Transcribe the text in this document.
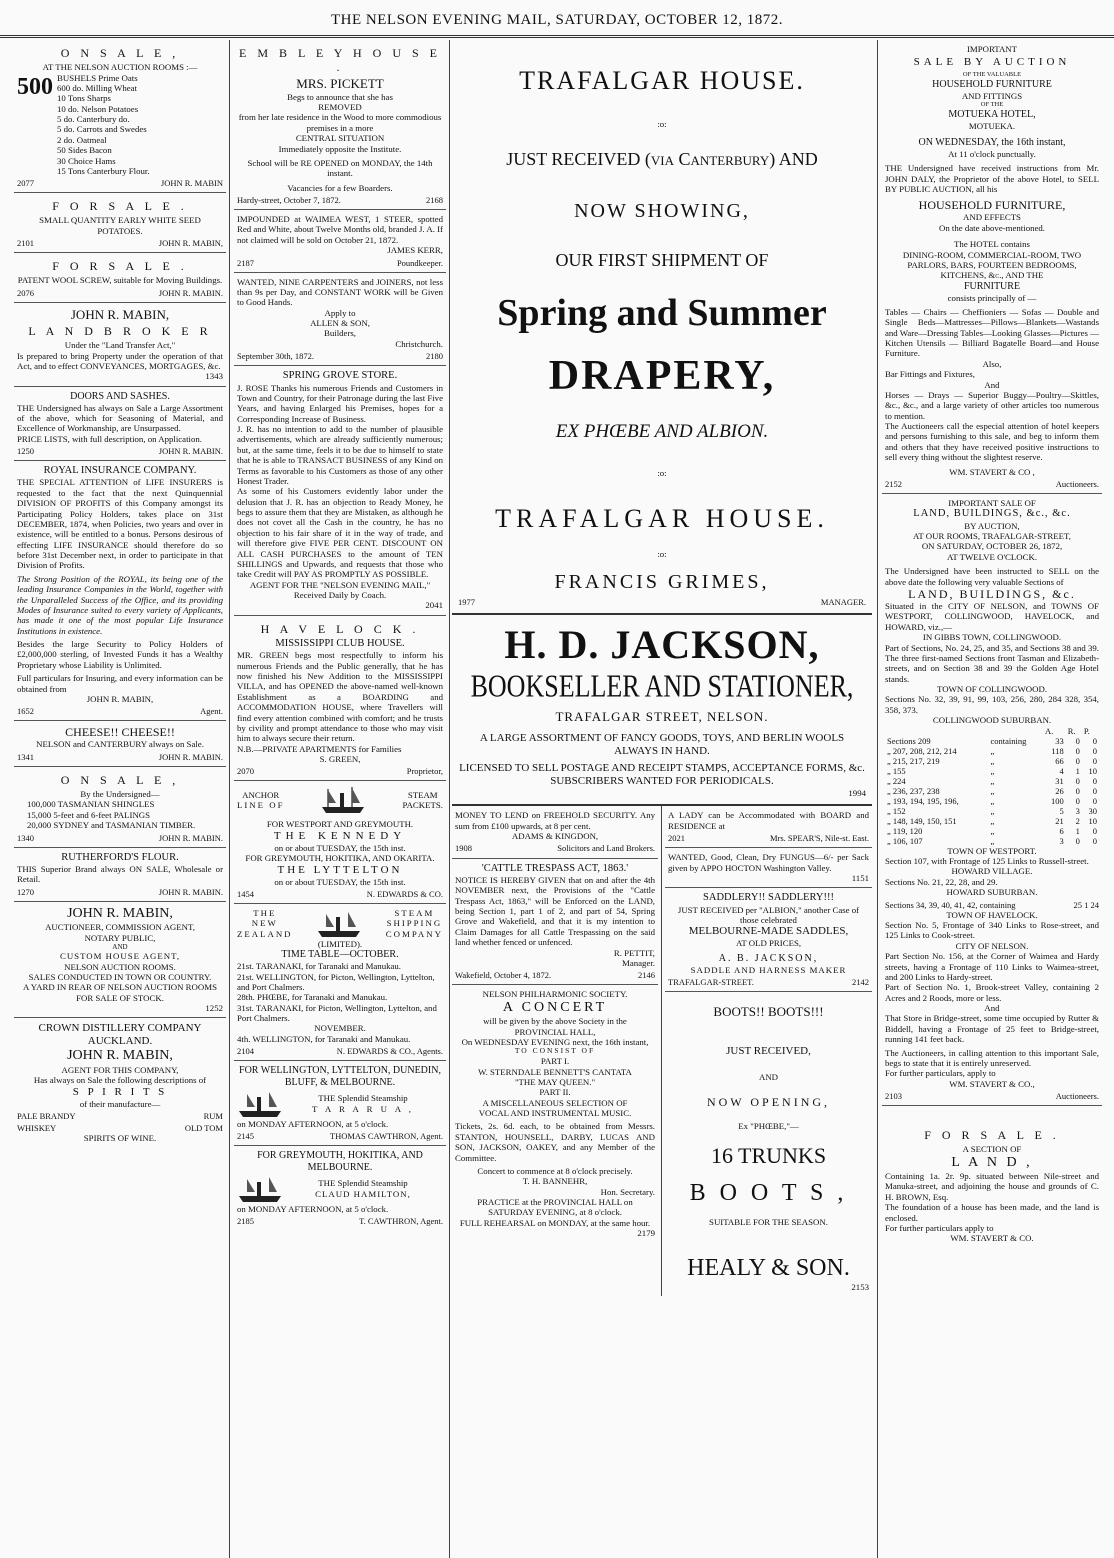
THE NELSON EVENING MAIL, SATURDAY, OCTOBER 12, 1872.
O N S A L E ,
AT THE NELSON AUCTION ROOMS :—
500 BUSHELS Prime Oats
600 do. Milling Wheat
10 Tons Sharps
10 do. Nelson Potatoes
5 do. Canterbury do.
5 do. Carrots and Swedes
2 do. Oatmeal
50 Sides Bacon
30 Choice Hams
15 Tons Canterbury Flour.
2077	JOHN R. MABIN
F O R S A L E .
SMALL QUANTITY EARLY WHITE SEED POTATOES.
2101	JOHN R. MABIN,
F O R S A L E .
PATENT WOOL SCREW, suitable for Moving Buildings.
2076	JOHN R. MABIN.
JOHN R. MABIN,
L A N D B R O K E R
Under the "Land Transfer Act,"
Is prepared to bring Property under the operation of that Act, and to effect CONVEYANCES, MORTGAGES, &c.
1343
DOORS AND SASHES.
THE Undersigned has always on Sale a Large Assortment of the above, which for Seasoning of Material, and Excellence of Workmanship, are Unsurpassed.
PRICE LISTS, with full description, on Application.
1250	JOHN R. MABIN.
ROYAL INSURANCE COMPANY.
THE SPECIAL ATTENTION of LIFE INSURERS is requested to the fact that the next Quinquennial DIVISION OF PROFITS of this Company amongst its Participating Policy Holders, takes place on 31st DECEMBER, 1874, when Policies, two years and over in existence, will be entitled to a bonus. Persons desirous of effecting LIFE INSURANCE should therefore do so before 31st December next, in order to participate in that Division of Profits.
The Strong Position of the ROYAL, its being one of the leading Insurance Companies in the World, together with the Unparalleled Success of the Office, and its providing Modes of Insurance suited to every variety of Applicants, has made it one of the most popular Life Insurance Institutions in existence.
Besides the large Security to Policy Holders of £2,000,000 sterling, of Invested Funds it has a Wealthy Proprietary whose Liability is Unlimited.
Full particulars for Insuring, and every information can be obtained from
JOHN R. MABIN,
1652	Agent.
CHEESE!! CHEESE!!
NELSON and CANTERBURY always on Sale.
1341	JOHN R. MABIN.
O N S A L E ,
By the Undersigned—
100,000 TASMANIAN SHINGLES
15,000 5-feet and 6-feet PALINGS
20,000 SYDNEY and TASMANIAN TIMBER.
1340	JOHN R. MABIN.
RUTHERFORD'S FLOUR.
THIS Superior Brand always ON SALE, Wholesale or Retail.
1270	JOHN R. MABIN.
JOHN R. MABIN,
AUCTIONEER, COMMISSION AGENT,
NOTARY PUBLIC,
AND
CUSTOM HOUSE AGENT,
NELSON AUCTION ROOMS.
SALES CONDUCTED IN TOWN OR COUNTRY.
A YARD IN REAR OF NELSON AUCTION ROOMS FOR SALE OF STOCK.
1252
CROWN DISTILLERY COMPANY
AUCKLAND.
JOHN R. MABIN,
AGENT FOR THIS COMPANY,
Has always on Sale the following descriptions of
S P I R I T S
of their manufacture—
PALE BRANDY	RUM
WHISKEY	OLD TOM
SPIRITS OF WINE.
E M B L E Y H O U S E .
MRS. PICKETT
Begs to announce that she has
REMOVED
from her late residence in the Wood to more commodious premises in a more
CENTRAL SITUATION
Immediately opposite the Institute.
School will be RE OPENED on MONDAY, the 14th instant.
Vacancies for a few Boarders.
Hardy-street, October 7, 1872.	2168
IMPOUNDED at WAIMEA WEST, 1 STEER, spotted Red and White, about Twelve Months old, branded J. A. If not claimed will be sold on October 21, 1872.
JAMES KERR,
2187	Poundkeeper.
WANTED, NINE CARPENTERS and JOINERS, not less than 9s per Day, and CONSTANT WORK will be Given to Good Hands.
Apply to
ALLEN & SON,
Builders,
Christchurch.
September 30th, 1872.	2180
SPRING GROVE STORE.
J. ROSE Thanks his numerous Friends and Customers in Town and Country, for their Patronage during the last Five Years, and having Enlarged his Premises, hopes for a Corresponding Increase of Business.
J. R. has no intention to add to the number of plausible advertisements, which are already sufficiently numerous; but, at the same time, feels it to be due to himself to state that he is able to TRANSACT BUSINESS of any Kind on Terms as favorable to his Customers as those of any other Honest Trader.
As some of his Customers evidently labor under the delusion that J. R. has an objection to Ready Money, he begs to assure them that they are Mistaken, as although he does not covet all the Cash in the country, he has no objection to his fair share of it in the way of trade, and will therefore give FIVE PER CENT. DISCOUNT ON ALL CASH PURCHASES to the amount of TEN SHILLINGS and Upwards, and requests that those who take Credit will PAY AS PROMPTLY AS POSSIBLE.
AGENT FOR THE "NELSON EVENING MAIL," Received Daily by Coach.
2041
H A V E L O C K .
MISSISSIPPI CLUB HOUSE.
MR. GREEN begs most respectfully to inform his numerous Friends and the Public generally, that he has now finished his New Addition to the MISSISSIPPI VILLA, and has OPENED the above-named well-known Establishment as a BOARDING and ACCOMMODATION HOUSE, where Travellers will find every attention combined with comfort; and he trusts by civility and prompt attendance to those who may visit him to always secure their return.
N.B.—PRIVATE APARTMENTS for Families
S. GREEN,
2070	Proprietor,
ANCHOR
LINE OF
STEAM
PACKETS.
FOR WESTPORT AND GREYMOUTH.
THE KENNEDY
on or about TUESDAY, the 15th inst.
FOR GREYMOUTH, HOKITIKA, AND OKARITA.
THE LYTTELTON
on or about TUESDAY, the 15th inst.
1454	N. EDWARDS & CO.
THE
NEW
ZEALAND
STEAM
SHIPPING
COMPANY
(LIMITED).
TIME TABLE—OCTOBER.
21st. TARANAKI, for Taranaki and Manukau.
21st. WELLINGTON, for Picton, Wellington, Lyttelton, and Port Chalmers.
28th. PHŒBE, for Taranaki and Manukau.
31st. TARANAKI, for Picton, Wellington, Lyttelton, and Port Chalmers.
NOVEMBER.
4th. WELLINGTON, for Taranaki and Manukau.
2104	N. EDWARDS & CO., Agents.
FOR WELLINGTON, LYTTELTON, DUNEDIN, BLUFF, & MELBOURNE.
THE Splendid Steamship
T A R A R U A ,
on MONDAY AFTERNOON, at 5 o'clock.
2145	THOMAS CAWTHRON, Agent.
FOR GREYMOUTH, HOKITIKA, AND MELBOURNE.
THE Splendid Steamship
CLAUD HAMILTON,
on MONDAY AFTERNOON, at 5 o'clock.
2185	T. CAWTHRON, Agent.
TRAFALGAR HOUSE.
:o:
JUST RECEIVED (via Canterbury) AND
NOW SHOWING,
OUR FIRST SHIPMENT OF
Spring and Summer
DRAPERY,
EX PHŒBE AND ALBION.
:o:
TRAFALGAR HOUSE.
:o:
FRANCIS GRIMES,
1977	MANAGER.
H. D. JACKSON,
BOOKSELLER AND STATIONER,
TRAFALGAR STREET, NELSON.
A LARGE ASSORTMENT OF FANCY GOODS, TOYS, AND BERLIN WOOLS ALWAYS IN HAND.
LICENSED TO SELL POSTAGE AND RECEIPT STAMPS, ACCEPTANCE FORMS, &c. SUBSCRIBERS WANTED FOR PERIODICALS.
1994
MONEY TO LEND on FREEHOLD SECURITY. Any sum from £100 upwards, at 8 per cent.
ADAMS & KINGDON,
1908	Solicitors and Land Brokers.
'CATTLE TRESPASS ACT, 1863.'
NOTICE IS HEREBY GIVEN that on and after the 4th NOVEMBER next, the Provisions of the "Cattle Trespass Act, 1863," will be Enforced on the LAND, being Section 1, part 1 of 2, and part of 54, Spring Grove and Wakefield, and that it is my intention to Claim Damages for all Cattle Trespassing on the said land whether fenced or unfenced.
R. PETTIT,
Manager.
Wakefield, October 4, 1872.	2146
NELSON PHILHARMONIC SOCIETY.
A CONCERT
will be given by the above Society in the
PROVINCIAL HALL,
On WEDNESDAY EVENING next, the 16th instant,
TO CONSIST OF
PART I.
W. STERNDALE BENNETT'S CANTATA
"THE MAY QUEEN."
PART II.
A MISCELLANEOUS SELECTION OF
VOCAL AND INSTRUMENTAL MUSIC.
Tickets, 2s. 6d. each, to be obtained from Messrs. STANTON, HOUNSELL, DARBY, LUCAS AND SON, JACKSON, OAKEY, and any Member of the Committee.
Concert to commence at 8 o'clock precisely.
T. H. BANNEHR,
Hon. Secretary.
PRACTICE at the PROVINCIAL HALL on SATURDAY EVENING, at 8 o'clock.
FULL REHEARSAL on MONDAY, at the same hour.
2179
A LADY can be Accommodated with BOARD and RESIDENCE at
2021	Mrs. SPEAR'S, Nile-st. East.
WANTED, Good, Clean, Dry FUNGUS—6/- per Sack given by APPO HOCTON Washington Valley.
1151
SADDLERY!! SADDLERY!!!
JUST RECEIVED per "ALBION," another Case of those celebrated
MELBOURNE-MADE SADDLES,
AT OLD PRICES,
A. B. JACKSON,
SADDLE AND HARNESS MAKER
TRAFALGAR-STREET.	2142
BOOTS!! BOOTS!!!
JUST RECEIVED,
AND
NOW OPENING,
Ex "PHŒBE,"—
16 TRUNKS
B O O T S ,
SUITABLE FOR THE SEASON.
HEALY & SON.
2153
IMPORTANT
SALE BY AUCTION
OF THE VALUABLE
HOUSEHOLD FURNITURE
AND FITTINGS
OF THE
MOTUEKA HOTEL,
MOTUEKA.
ON WEDNESDAY, the 16th instant,
At 11 o'clock punctually.
THE Undersigned have received instructions from Mr. JOHN DALY, the Proprietor of the above Hotel, to SELL BY PUBLIC AUCTION, all his
HOUSEHOLD FURNITURE,
AND EFFECTS
On the date above-mentioned.
The HOTEL contains
DINING-ROOM, COMMERCIAL-ROOM, TWO PARLORS, BARS, FOURTEEN BEDROOMS, KITCHENS, &c., AND THE
FURNITURE
consists principally of —
Tables — Chairs — Cheffioniers — Sofas — Double and Single Beds—Mattresses—Pillows—Blankets—Wastands and Ware—Dressing Tables—Looking Glasses—Pictures — Kitchen Utensils — Billiard Bagatelle Board—and House Furniture.
Also,
Bar Fittings and Fixtures,
And
Horses — Drays — Superior Buggy—Poultry—Skittles, &c., &c., and a large variety of other articles too numerous to mention.
The Auctioneers call the especial attention of hotel keepers and persons furnishing to this sale, and beg to inform them and others that they have received positive instructions to sell every thing without the slightest reserve.
WM. STAVERT & CO ,
2152	Auctioneers.
IMPORTANT SALE OF
LAND, BUILDINGS, &c., &c.
BY AUCTION,
AT OUR ROOMS, TRAFALGAR-STREET,
ON SATURDAY, OCTOBER 26, 1872,
AT TWELVE O'CLOCK.
The Undersigned have been instructed to SELL on the above date the following very valuable Sections of
LAND, BUILDINGS, &c.
Situated in the CITY OF NELSON, and TOWNS OF WESTPORT, COLLINGWOOD, HAVELOCK, and HOWARD, viz.,—
IN GIBBS TOWN, COLLINGWOOD.
Part of Sections, No. 24, 25, and 35, and Sections 38 and 39. The three first-named Sections front Tasman and Elizabeth-streets, and on Section 38 and 39 the Golden Age Hotel stands.
TOWN OF COLLINGWOOD.
Sections No. 32, 39, 91, 99, 103, 256, 280, 284 328, 354, 358, 373.
COLLINGWOOD SUBURBAN.
		A.	R.	P.
Sections 209	containing	33	0	0
„ 207, 208, 212, 214	„	118	0	0
„ 215, 217, 219	„	66	0	0
„ 155	„	4	1	10
„ 224	„	31	0	0
„ 236, 237, 238	„	26	0	0
„ 193, 194, 195, 196,	„	100	0	0
„ 152	„	5	3	30
„ 148, 149, 150, 151	„	21	2	10
„ 119, 120	„	6	1	0
„ 106, 107	„	3	0	0
TOWN OF WESTPORT.
Section 107, with Frontage of 125 Links to Russell-street.
HOWARD VILLAGE.
Sections No. 21, 22, 28, and 29.
HOWARD SUBURBAN.
Sections 34, 39, 40, 41, 42, containing	25 1 24
TOWN OF HAVELOCK.
Section No. 5, Frontage of 340 Links to Rose-street, and 125 Links to Cook-street.
CITY OF NELSON.
Part Section No. 156, at the Corner of Waimea and Hardy streets, having a Frontage of 110 Links to Waimea-street, and 200 Links to Hardy-street.
Part of Section No. 1, Brook-street Valley, containing 2 Acres and 2 Roods, more or less.
And
That Store in Bridge-street, some time occupied by Rutter & Biddell, having a Frontage of 25 feet to Bridge-street, running 141 feet back.
The Auctioneers, in calling attention to this important Sale, begs to state that it is entirely unreserved.
For further particulars, apply to
WM. STAVERT & CO.,
2103	Auctioneers.
F O R S A L E .
A SECTION OF
L A N D ,
Containing 1a. 2r. 9p. situated between Nile-street and Manuka-street, and adjoining the house and grounds of C. H. BROWN, Esq.
The foundation of a house has been made, and the land is enclosed.
For further particulars apply to
WM. STAVERT & CO.
